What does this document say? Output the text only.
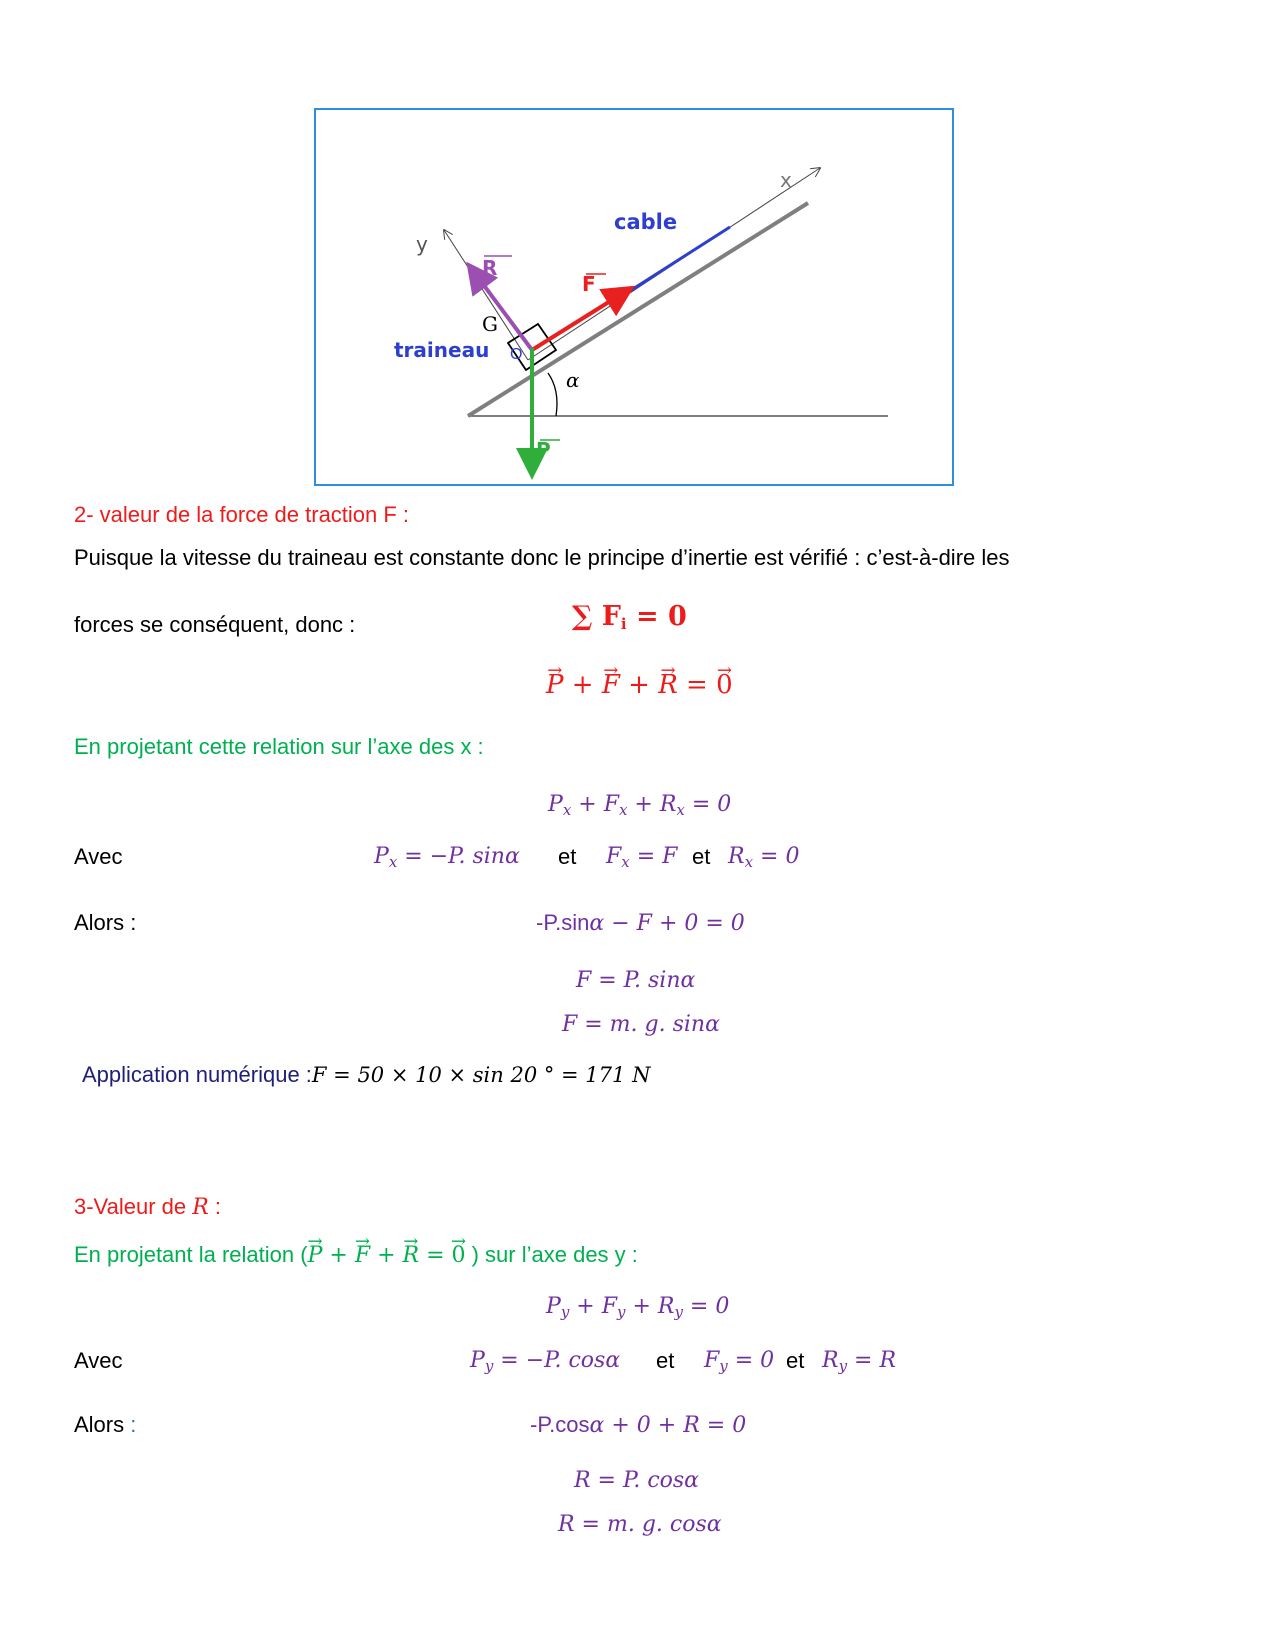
x
y
cable
F
R
P
G
O
traineau
α
2- valeur de la force de traction F :
Puisque la vitesse du traineau est constante donc le principe d’inertie est vérifié : c’est-à-dire les
forces se conséquent, donc :	∑ $F_i = 0$
→ P + → F + → R = → 0
En projetant cette relation sur l’axe des x :
$P_x + F_x + R_x = 0$
Avec	$P_x = -P$. sinα et $F_x = F$ et $R_x = 0$
Alors :	-P.sinα − F + 0 = 0
F = P. sinα
F = m. g. sinα
Application numérique :F = 50 × 10 × sin 20 ° = 171 N
3-Valeur de R :
En projetant la relation (→ P + → F + → R = → 0 ) sur l’axe des y :
$P_y + F_y + R_y = 0$
Avec	$P_y = -P$. cosα et $F_y = 0$ et $R_y = R$
Alors :	-P.cosα + 0 + R = 0
R = P. cosα
R = m. g. cosα
